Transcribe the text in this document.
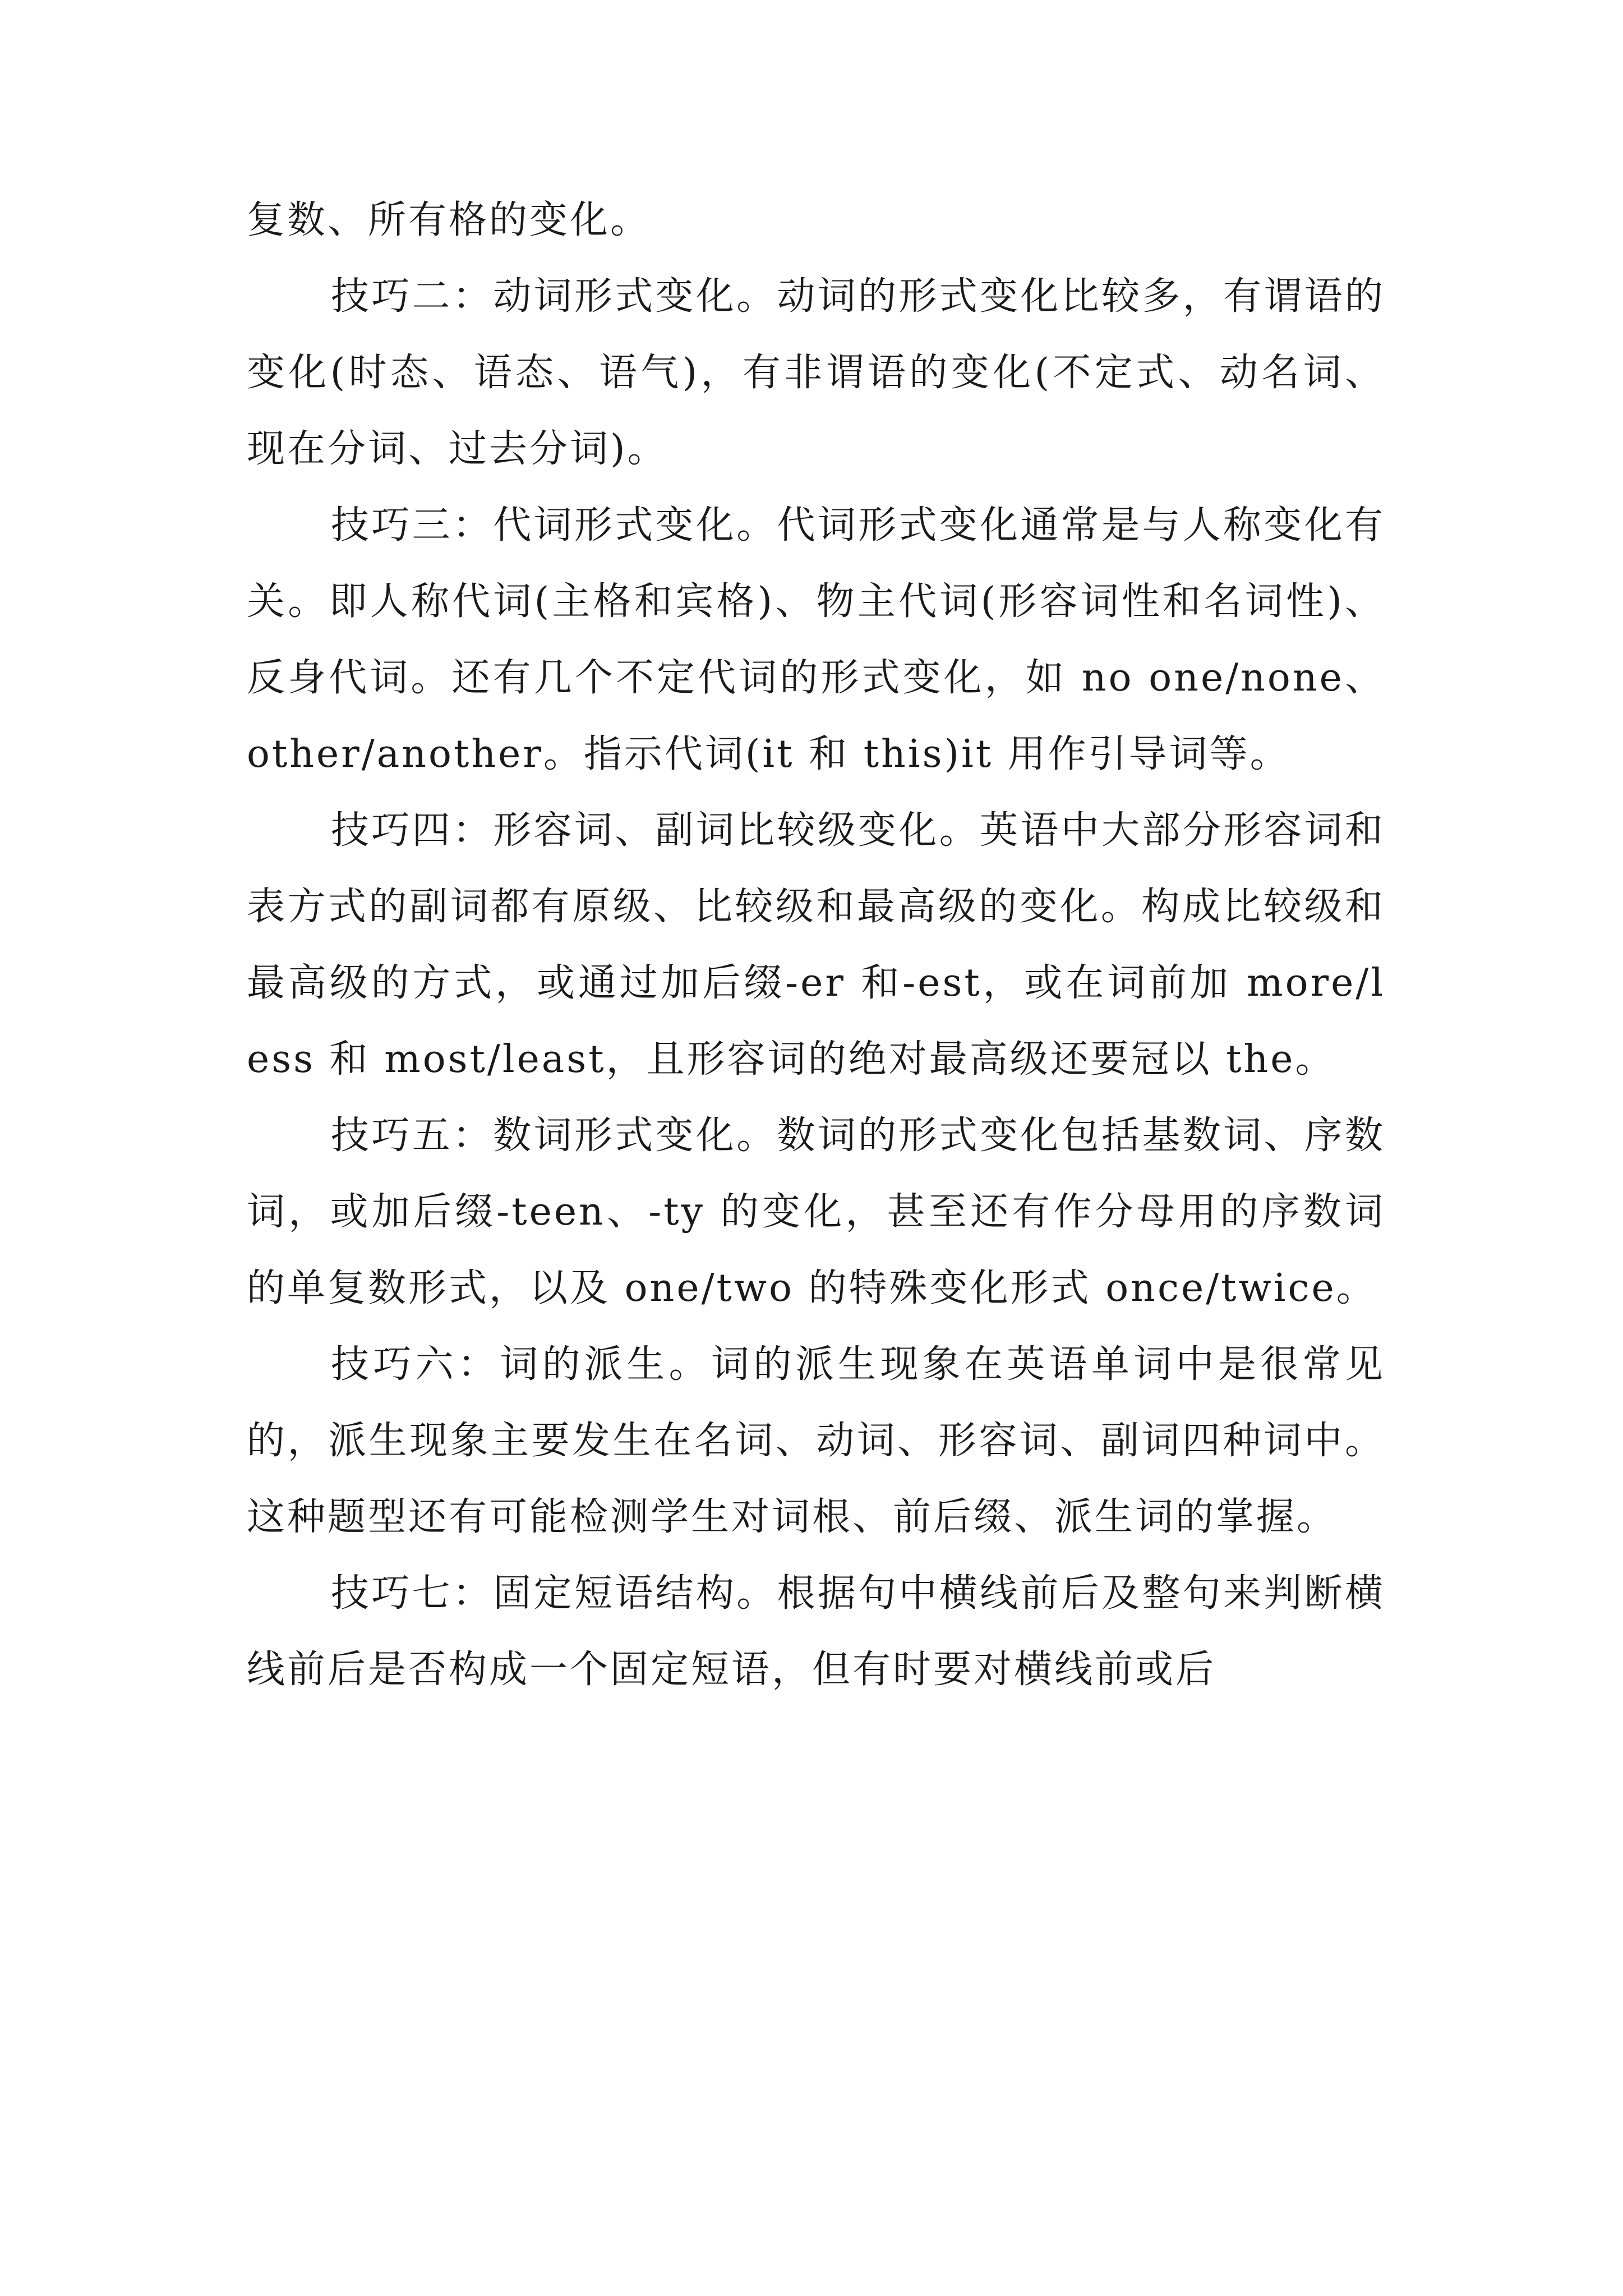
复数、所有格的变化。

技巧二：动词形式变化。动词的形式变化比较多，有谓语的变化(时态、语态、语气)，有非谓语的变化(不定式、动名词、现在分词、过去分词)。

技巧三：代词形式变化。代词形式变化通常是与人称变化有关。即人称代词(主格和宾格)、物主代词(形容词性和名词性)、反身代词。还有几个不定代词的形式变化，如 no one/none、other/another。指示代词(it 和 this)it 用作引导词等。

技巧四：形容词、副词比较级变化。英语中大部分形容词和表方式的副词都有原级、比较级和最高级的变化。构成比较级和最高级的方式，或通过加后缀-er 和-est，或在词前加 more/less 和 most/least，且形容词的绝对最高级还要冠以 the。

技巧五：数词形式变化。数词的形式变化包括基数词、序数词，或加后缀-teen、-ty 的变化，甚至还有作分母用的序数词的单复数形式，以及 one/two 的特殊变化形式 once/twice。

技巧六：词的派生。词的派生现象在英语单词中是很常见的，派生现象主要发生在名词、动词、形容词、副词四种词中。这种题型还有可能检测学生对词根、前后缀、派生词的掌握。

技巧七：固定短语结构。根据句中横线前后及整句来判断横线前后是否构成一个固定短语，但有时要对横线前或后
